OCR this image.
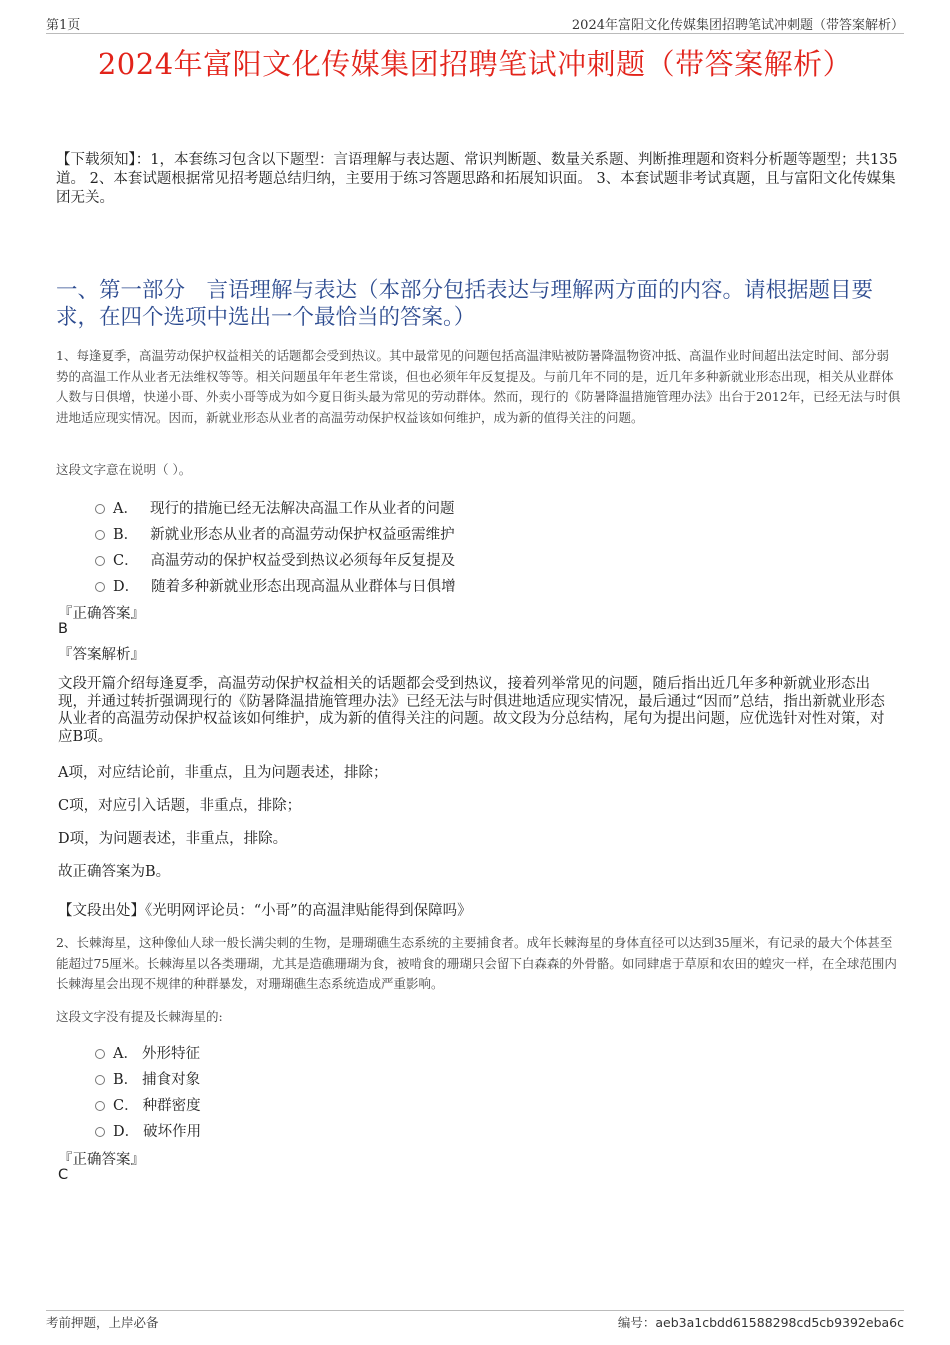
第1页	2024年富阳文化传媒集团招聘笔试冲刺题（带答案解析）
2024年富阳文化传媒集团招聘笔试冲刺题（带答案解析）
【下载须知】：1，本套练习包含以下题型：言语理解与表达题、常识判断题、数量关系题、判断推理题和资料分析题等题型；共135道。 2、本套试题根据常见招考题总结归纳，主要用于练习答题思路和拓展知识面。 3、本套试题非考试真题，且与富阳文化传媒集团无关。
一、第一部分　言语理解与表达（本部分包括表达与理解两方面的内容。请根据题目要求，在四个选项中选出一个最恰当的答案。）
1、每逢夏季，高温劳动保护权益相关的话题都会受到热议。其中最常见的问题包括高温津贴被防暑降温物资冲抵、高温作业时间超出法定时间、部分弱势的高温工作从业者无法维权等等。相关问题虽年年老生常谈，但也必须年年反复提及。与前几年不同的是，近几年多种新就业形态出现，相关从业群体人数与日俱增，快递小哥、外卖小哥等成为如今夏日街头最为常见的劳动群体。然而，现行的《防暑降温措施管理办法》出台于2012年，已经无法与时俱进地适应现实情况。因而，新就业形态从业者的高温劳动保护权益该如何维护，成为新的值得关注的问题。
这段文字意在说明（ ）。
A． 现行的措施已经无法解决高温工作从业者的问题
B． 新就业形态从业者的高温劳动保护权益亟需维护
C． 高温劳动的保护权益受到热议必须每年反复提及
D． 随着多种新就业形态出现高温从业群体与日俱增
『正确答案』
B
『答案解析』
文段开篇介绍每逢夏季，高温劳动保护权益相关的话题都会受到热议，接着列举常见的问题，随后指出近几年多种新就业形态出现，并通过转折强调现行的《防暑降温措施管理办法》已经无法与时俱进地适应现实情况，最后通过“因而”总结，指出新就业形态从业者的高温劳动保护权益该如何维护，成为新的值得关注的问题。故文段为分总结构，尾句为提出问题，应优选针对性对策，对应B项。
A项，对应结论前，非重点，且为问题表述，排除；
C项，对应引入话题，非重点，排除；
D项，为问题表述，非重点，排除。
故正确答案为B。
【文段出处】《光明网评论员：“小哥”的高温津贴能得到保障吗》
2、长棘海星，这种像仙人球一般长满尖刺的生物，是珊瑚礁生态系统的主要捕食者。成年长棘海星的身体直径可以达到35厘米，有记录的最大个体甚至能超过75厘米。长棘海星以各类珊瑚，尤其是造礁珊瑚为食，被啃食的珊瑚只会留下白森森的外骨骼。如同肆虐于草原和农田的蝗灾一样，在全球范围内长棘海星会出现不规律的种群暴发，对珊瑚礁生态系统造成严重影响。
这段文字没有提及长棘海星的:
A． 外形特征
B． 捕食对象
C． 种群密度
D． 破坏作用
『正确答案』
C
考前押题，上岸必备	编号：aeb3a1cbdd61588298cd5cb9392eba6c
